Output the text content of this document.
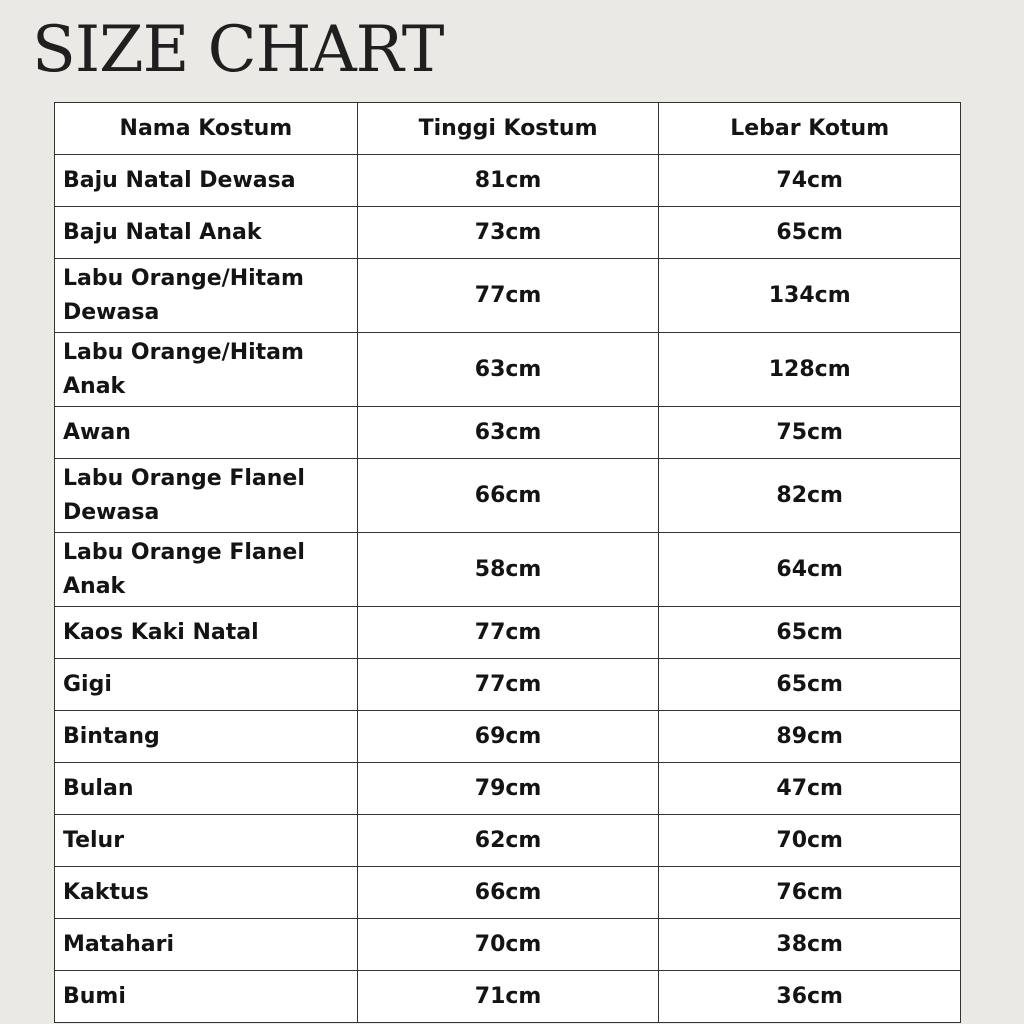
SIZE CHART
Nama Kostum	Tinggi Kostum	Lebar Kotum
Baju Natal Dewasa	81cm	74cm
Baju Natal Anak	73cm	65cm
Labu Orange/Hitam Dewasa	77cm	134cm
Labu Orange/Hitam Anak	63cm	128cm
Awan	63cm	75cm
Labu Orange Flanel Dewasa	66cm	82cm
Labu Orange Flanel Anak	58cm	64cm
Kaos Kaki Natal	77cm	65cm
Gigi	77cm	65cm
Bintang	69cm	89cm
Bulan	79cm	47cm
Telur	62cm	70cm
Kaktus	66cm	76cm
Matahari	70cm	38cm
Bumi	71cm	36cm
